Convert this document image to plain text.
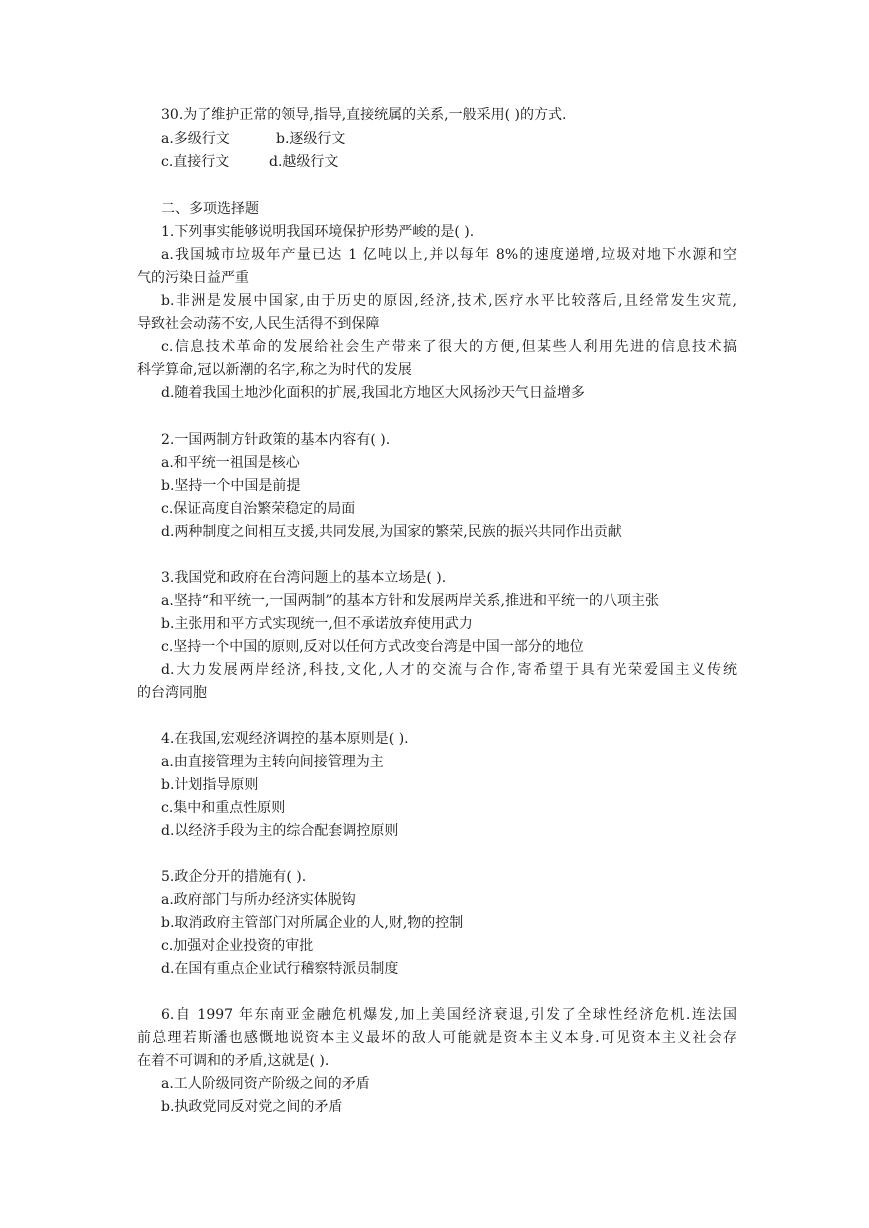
30.为了维护正常的领导,指导,直接统属的关系,一般采用( )的方式.
a.多级行文	b.逐级行文
c.直接行文	d.越级行文
二、多项选择题
1.下列事实能够说明我国环境保护形势严峻的是( ).
a.我国城市垃圾年产量已达 1 亿吨以上,并以每年 8%的速度递增,垃圾对地下水源和空
气的污染日益严重
b.非洲是发展中国家,由于历史的原因,经济,技术,医疗水平比较落后,且经常发生灾荒,
导致社会动荡不安,人民生活得不到保障
c.信息技术革命的发展给社会生产带来了很大的方便,但某些人利用先进的信息技术搞
科学算命,冠以新潮的名字,称之为时代的发展
d.随着我国土地沙化面积的扩展,我国北方地区大风扬沙天气日益增多
2.一国两制方针政策的基本内容有( ).
a.和平统一祖国是核心
b.坚持一个中国是前提
c.保证高度自治繁荣稳定的局面
d.两种制度之间相互支援,共同发展,为国家的繁荣,民族的振兴共同作出贡献
3.我国党和政府在台湾问题上的基本立场是( ).
a.坚持“和平统一,一国两制”的基本方针和发展两岸关系,推进和平统一的八项主张
b.主张用和平方式实现统一,但不承诺放弃使用武力
c.坚持一个中国的原则,反对以任何方式改变台湾是中国一部分的地位
d.大力发展两岸经济,科技,文化,人才的交流与合作,寄希望于具有光荣爱国主义传统
的台湾同胞
4.在我国,宏观经济调控的基本原则是( ).
a.由直接管理为主转向间接管理为主
b.计划指导原则
c.集中和重点性原则
d.以经济手段为主的综合配套调控原则
5.政企分开的措施有( ).
a.政府部门与所办经济实体脱钩
b.取消政府主管部门对所属企业的人,财,物的控制
c.加强对企业投资的审批
d.在国有重点企业试行稽察特派员制度
6.自 1997 年东南亚金融危机爆发,加上美国经济衰退,引发了全球性经济危机.连法国
前总理若斯潘也感慨地说资本主义最坏的敌人可能就是资本主义本身.可见资本主义社会存
在着不可调和的矛盾,这就是( ).
a.工人阶级同资产阶级之间的矛盾
b.执政党同反对党之间的矛盾
